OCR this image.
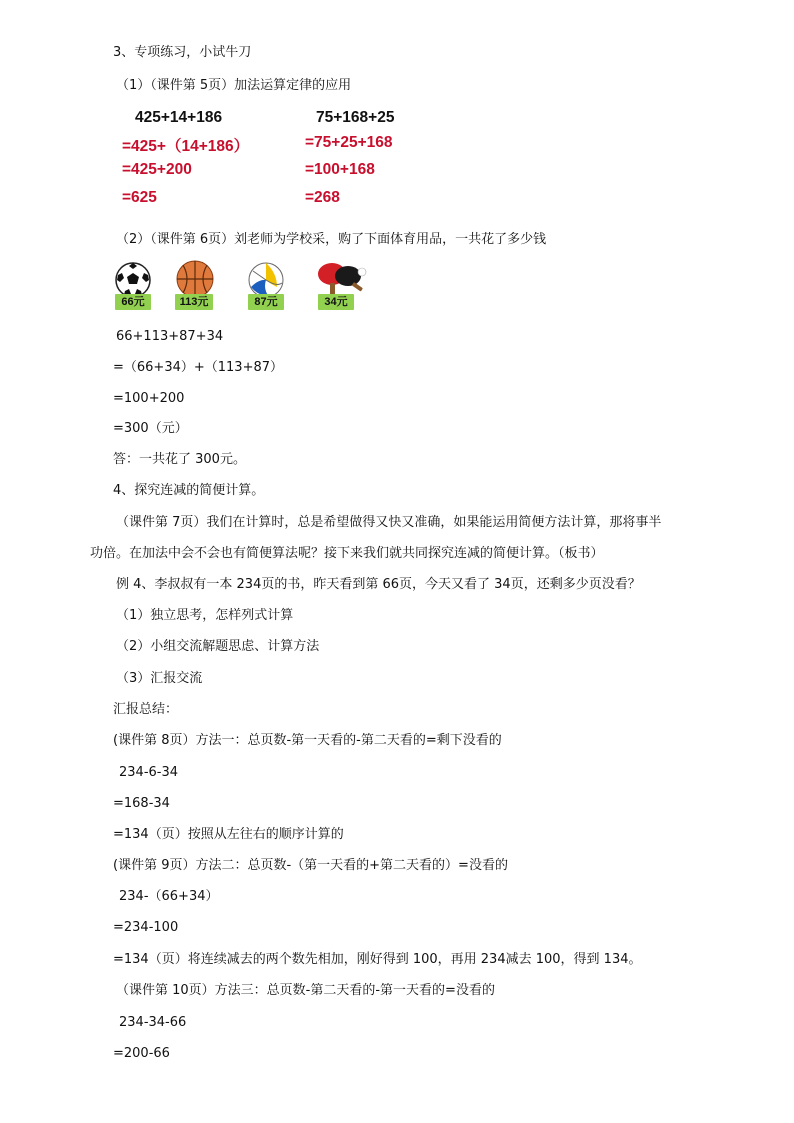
3、专项练习，小试牛刀
（1）（课件第 5页）加法运算定律的应用
425+14+186
=425+（14+186）
=425+200
=625
75+168+25
=75+25+168
=100+168
=268
（2）（课件第 6页）刘老师为学校采，购了下面体育用品，一共花了多少钱
66元	113元	87元	34元
66+113+87+34
=（66+34）+（113+87）
=100+200
=300（元）
答：一共花了 300元。
4、探究连减的简便计算。
（课件第 7页）我们在计算时，总是希望做得又快又准确，如果能运用简便方法计算，那将事半
功倍。在加法中会不会也有简便算法呢？接下来我们就共同探究连减的简便计算。（板书）
例 4、李叔叔有一本 234页的书，昨天看到第 66页，今天又看了 34页，还剩多少页没看？
（1）独立思考，怎样列式计算
（2）小组交流解题思虑、计算方法
（3）汇报交流
汇报总结：
(课件第 8页）方法一：总页数-第一天看的-第二天看的=剩下没看的
234-6-34
=168-34
=134（页）按照从左往右的顺序计算的
(课件第 9页）方法二：总页数-（第一天看的+第二天看的）=没看的
234-（66+34）
=234-100
=134（页）将连续减去的两个数先相加，刚好得到 100，再用 234减去 100，得到 134。
（课件第 10页）方法三：总页数-第二天看的-第一天看的=没看的
234-34-66
=200-66
